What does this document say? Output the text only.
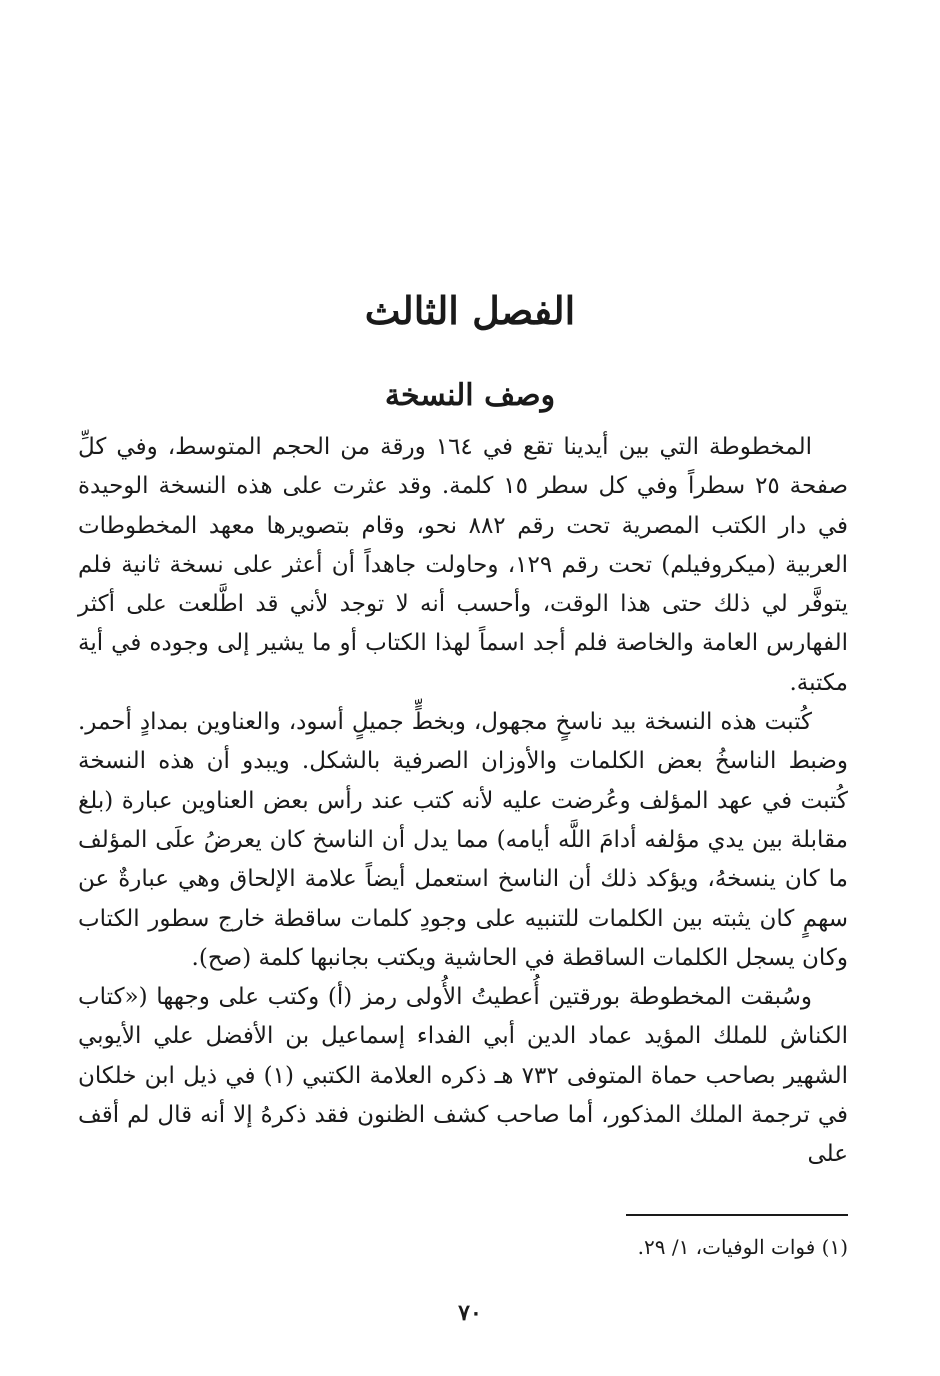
الفصل الثالث
وصف النسخة

المخطوطة التي بين أيدينا تقع في ١٦٤ ورقة من الحجم المتوسط، وفي كلِّ صفحة ٢٥ سطراً وفي كل سطر ١٥ كلمة. وقد عثرت على هذه النسخة الوحيدة في دار الكتب المصرية تحت رقم ٨٨٢ نحو، وقام بتصويرها معهد المخطوطات العربية (ميكروفيلم) تحت رقم ١٢٩، وحاولت جاهداً أن أعثر على نسخة ثانية فلم يتوفَّر لي ذلك حتى هذا الوقت، وأحسب أنه لا توجد لأني قد اطَّلعت على أكثر الفهارس العامة والخاصة فلم أجد اسماً لهذا الكتاب أو ما يشير إلى وجوده في أية مكتبة.

كُتبت هذه النسخة بيد ناسخٍ مجهول، وبخطٍّ جميلٍ أسود، والعناوين بمدادٍ أحمر. وضبط الناسخُ بعض الكلمات والأوزان الصرفية بالشكل. ويبدو أن هذه النسخة كُتبت في عهد المؤلف وعُرضت عليه لأنه كتب عند رأس بعض العناوين عبارة (بلغ مقابلة بين يدي مؤلفه أدامَ اللَّه أيامه) مما يدل أن الناسخ كان يعرضُ علَى المؤلف ما كان ينسخهُ، ويؤكد ذلك أن الناسخ استعمل أيضاً علامة الإلحاق وهي عبارةٌ عن سهمٍ كان يثبته بين الكلمات للتنبيه على وجودِ كلمات ساقطة خارج سطور الكتاب وكان يسجل الكلمات الساقطة في الحاشية ويكتب بجانبها كلمة (صح).

وسُبقت المخطوطة بورقتين أُعطيتُ الأُولى رمز (أ) وكتب على وجهها («كتاب الكناش للملك المؤيد عماد الدين أبي الفداء إسماعيل بن الأفضل علي الأيوبي الشهير بصاحب حماة المتوفى ٧٣٢ هـ ذكره العلامة الكتبي (١) في ذيل ابن خلكان في ترجمة الملك المذكور، أما صاحب كشف الظنون فقد ذكرهُ إلا أنه قال لم أقف على

(١) فوات الوفيات، ١/ ٢٩.

٧٠
